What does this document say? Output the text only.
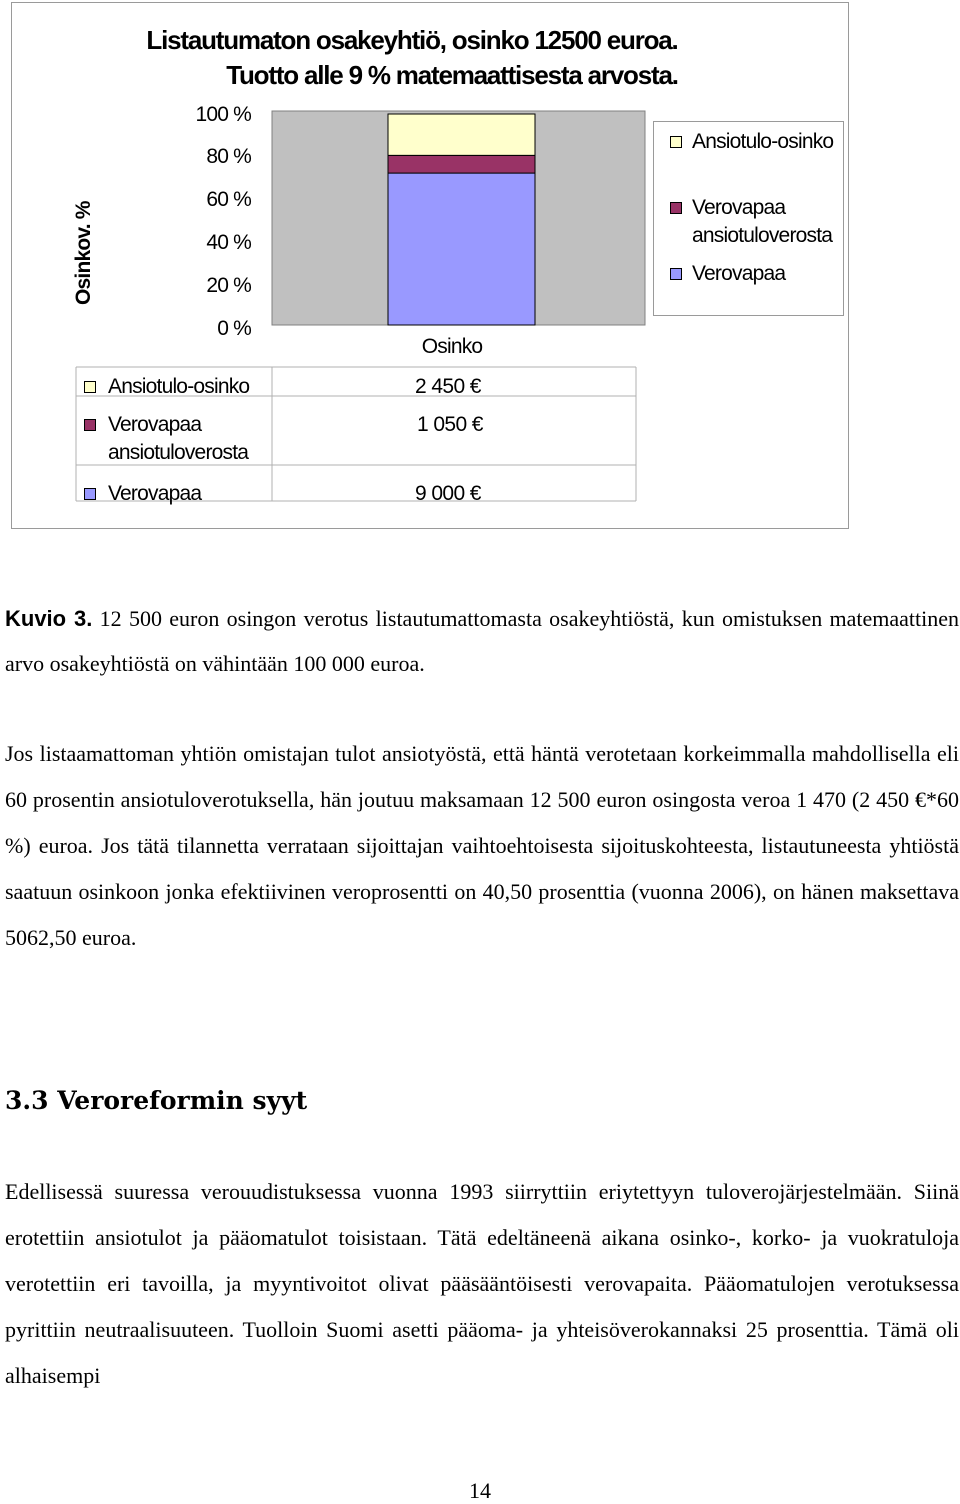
Listautumaton osakeyhtiö, osinko 12500 euroa.
Tuotto alle 9 % matemaattisesta arvosta.
Osinkov. %
100 %
80 %
60 %
40 %
20 %
0 %
Osinko
Ansiotulo-osinko
Verovapaa
ansiotuloverosta
Verovapaa
Ansiotulo-osinko	2 450 €
Verovapaa
ansiotuloverosta
1 050 €
Verovapaa	9 000 €
Kuvio 3. 12 500 euron osingon verotus listautumattomasta osakeyhtiöstä, kun omistuksen matemaattinen arvo osakeyhtiöstä on vähintään 100 000 euroa.
Jos listaamattoman yhtiön omistajan tulot ansiotyöstä, että häntä verotetaan korkeimmalla mahdollisella eli 60 prosentin ansiotuloverotuksella, hän joutuu maksamaan 12 500 euron osingosta veroa 1 470 (2 450 €*60 %) euroa. Jos tätä tilannetta verrataan sijoittajan vaihtoehtoisesta sijoituskohteesta, listautuneesta yhtiöstä saatuun osinkoon jonka efektiivinen veroprosentti on 40,50 prosenttia (vuonna 2006), on hänen maksettava 5062,50 euroa.
3.3 Veroreformin syyt
Edellisessä suuressa verouudistuksessa vuonna 1993 siirryttiin eriytettyyn tuloverojärjestelmään. Siinä erotettiin ansiotulot ja pääomatulot toisistaan. Tätä edeltäneenä aikana osinko-, korko- ja vuokratuloja verotettiin eri tavoilla, ja myyntivoitot olivat pääsääntöisesti verovapaita. Pääomatulojen verotuksessa pyrittiin neutraalisuuteen. Tuolloin Suomi asetti pääoma- ja yhteisöverokannaksi 25 prosenttia. Tämä oli alhaisempi
14
